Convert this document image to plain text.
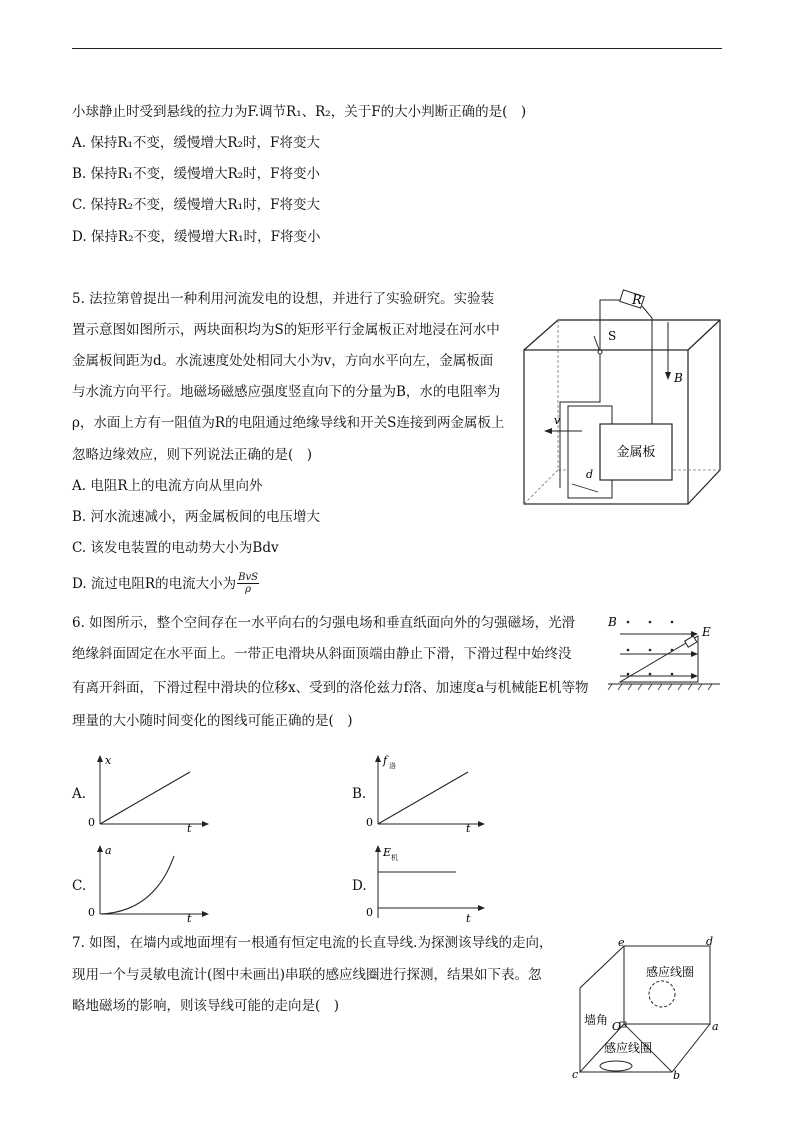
小球静止时受到悬线的拉力为F.调节R₁、R₂，关于F的大小判断正确的是(　)
A. 保持R₁不变，缓慢增大R₂时，F将变大
B. 保持R₁不变，缓慢增大R₂时，F将变小
C. 保持R₂不变，缓慢增大R₁时，F将变大
D. 保持R₂不变，缓慢增大R₁时，F将变小
5. 法拉第曾提出一种利用河流发电的设想，并进行了实验研究。实验装
置示意图如图所示，两块面积均为S的矩形平行金属板正对地浸在河水中
金属板间距为d。水流速度处处相同大小为v，方向水平向左，金属板面
与水流方向平行。地磁场磁感应强度竖直向下的分量为B，水的电阻率为
ρ，水面上方有一阻值为R的电阻通过绝缘导线和开关S连接到两金属板上
忽略边缘效应，则下列说法正确的是(　)
A. 电阻R上的电流方向从里向外
B. 河水流速减小，两金属板间的电压增大
C. 该发电装置的电动势大小为Bdv
D. 流过电阻R的电流大小为 BvS
ρ
金属板
d
v
B
R
S
6. 如图所示，整个空间存在一水平向右的匀强电场和垂直纸面向外的匀强磁场，光滑
绝缘斜面固定在水平面上。一带正电滑块从斜面顶端由静止下滑，下滑过程中始终没
有离开斜面，下滑过程中滑块的位移x、受到的洛伦兹力f洛、加速度a与机械能E机等物
理量的大小随时间变化的图线可能正确的是(　)
B
E
A.
x
0	t
B.
f 洛
0	t
C.
a
0	t
D.
E 机
0	t
7. 如图，在墙内或地面埋有一根通有恒定电流的长直导线.为探测该导线的走向，
现用一个与灵敏电流计(图中未画出)串联的感应线圈进行探测，结果如下表。忽
略地磁场的影响，则该导线可能的走向是(　)
感应线圈
感应线圈
墙角 O
e	d
a
b
c
